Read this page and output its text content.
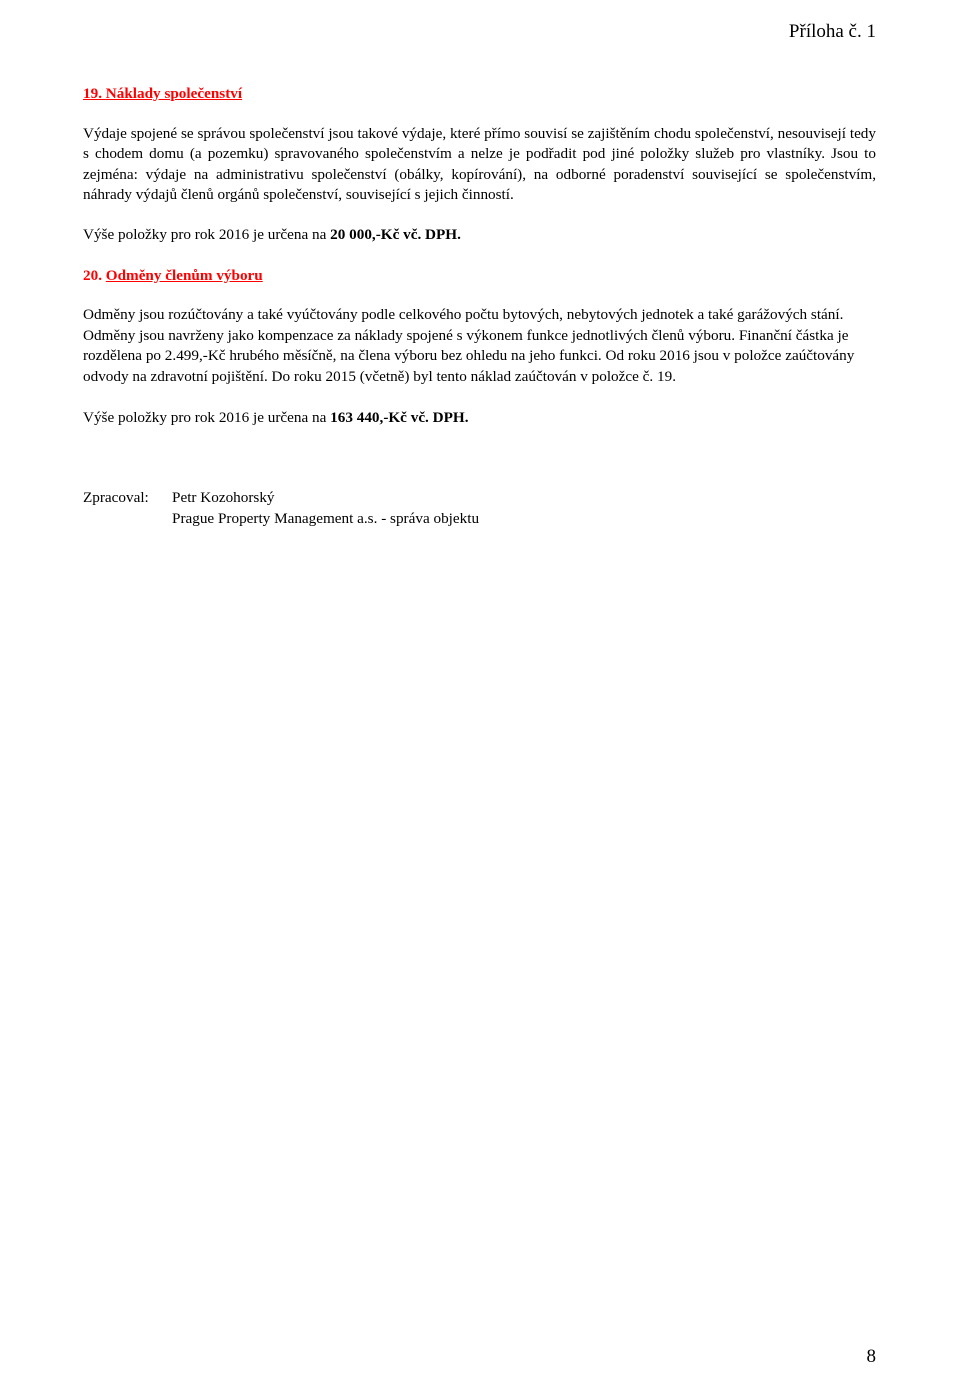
Příloha č. 1

19. Náklady společenství

Výdaje spojené se správou společenství jsou takové výdaje, které přímo souvisí se zajištěním chodu společenství, nesouvisejí tedy s chodem domu (a pozemku) spravovaného společenstvím a nelze je podřadit pod jiné položky služeb pro vlastníky. Jsou to zejména: výdaje na administrativu společenství (obálky, kopírování), na odborné poradenství související se společenstvím, náhrady výdajů členů orgánů společenství, související s jejich činností.

Výše položky pro rok 2016 je určena na 20 000,-Kč vč. DPH.

20. Odměny členům výboru

Odměny jsou rozúčtovány a také vyúčtovány podle celkového počtu bytových, nebytových jednotek a také garážových stání. Odměny jsou navrženy jako kompenzace za náklady spojené s výkonem funkce jednotlivých členů výboru. Finanční částka je rozdělena po 2.499,-Kč hrubého měsíčně, na člena výboru bez ohledu na jeho funkci. Od roku 2016 jsou v položce zaúčtovány odvody na zdravotní pojištění. Do roku 2015 (včetně) byl tento náklad zaúčtován v položce č. 19.

Výše položky pro rok 2016 je určena na 163 440,-Kč vč. DPH.

Zpracoval:	Petr Kozohorský
Prague Property Management a.s. - správa objektu
8
